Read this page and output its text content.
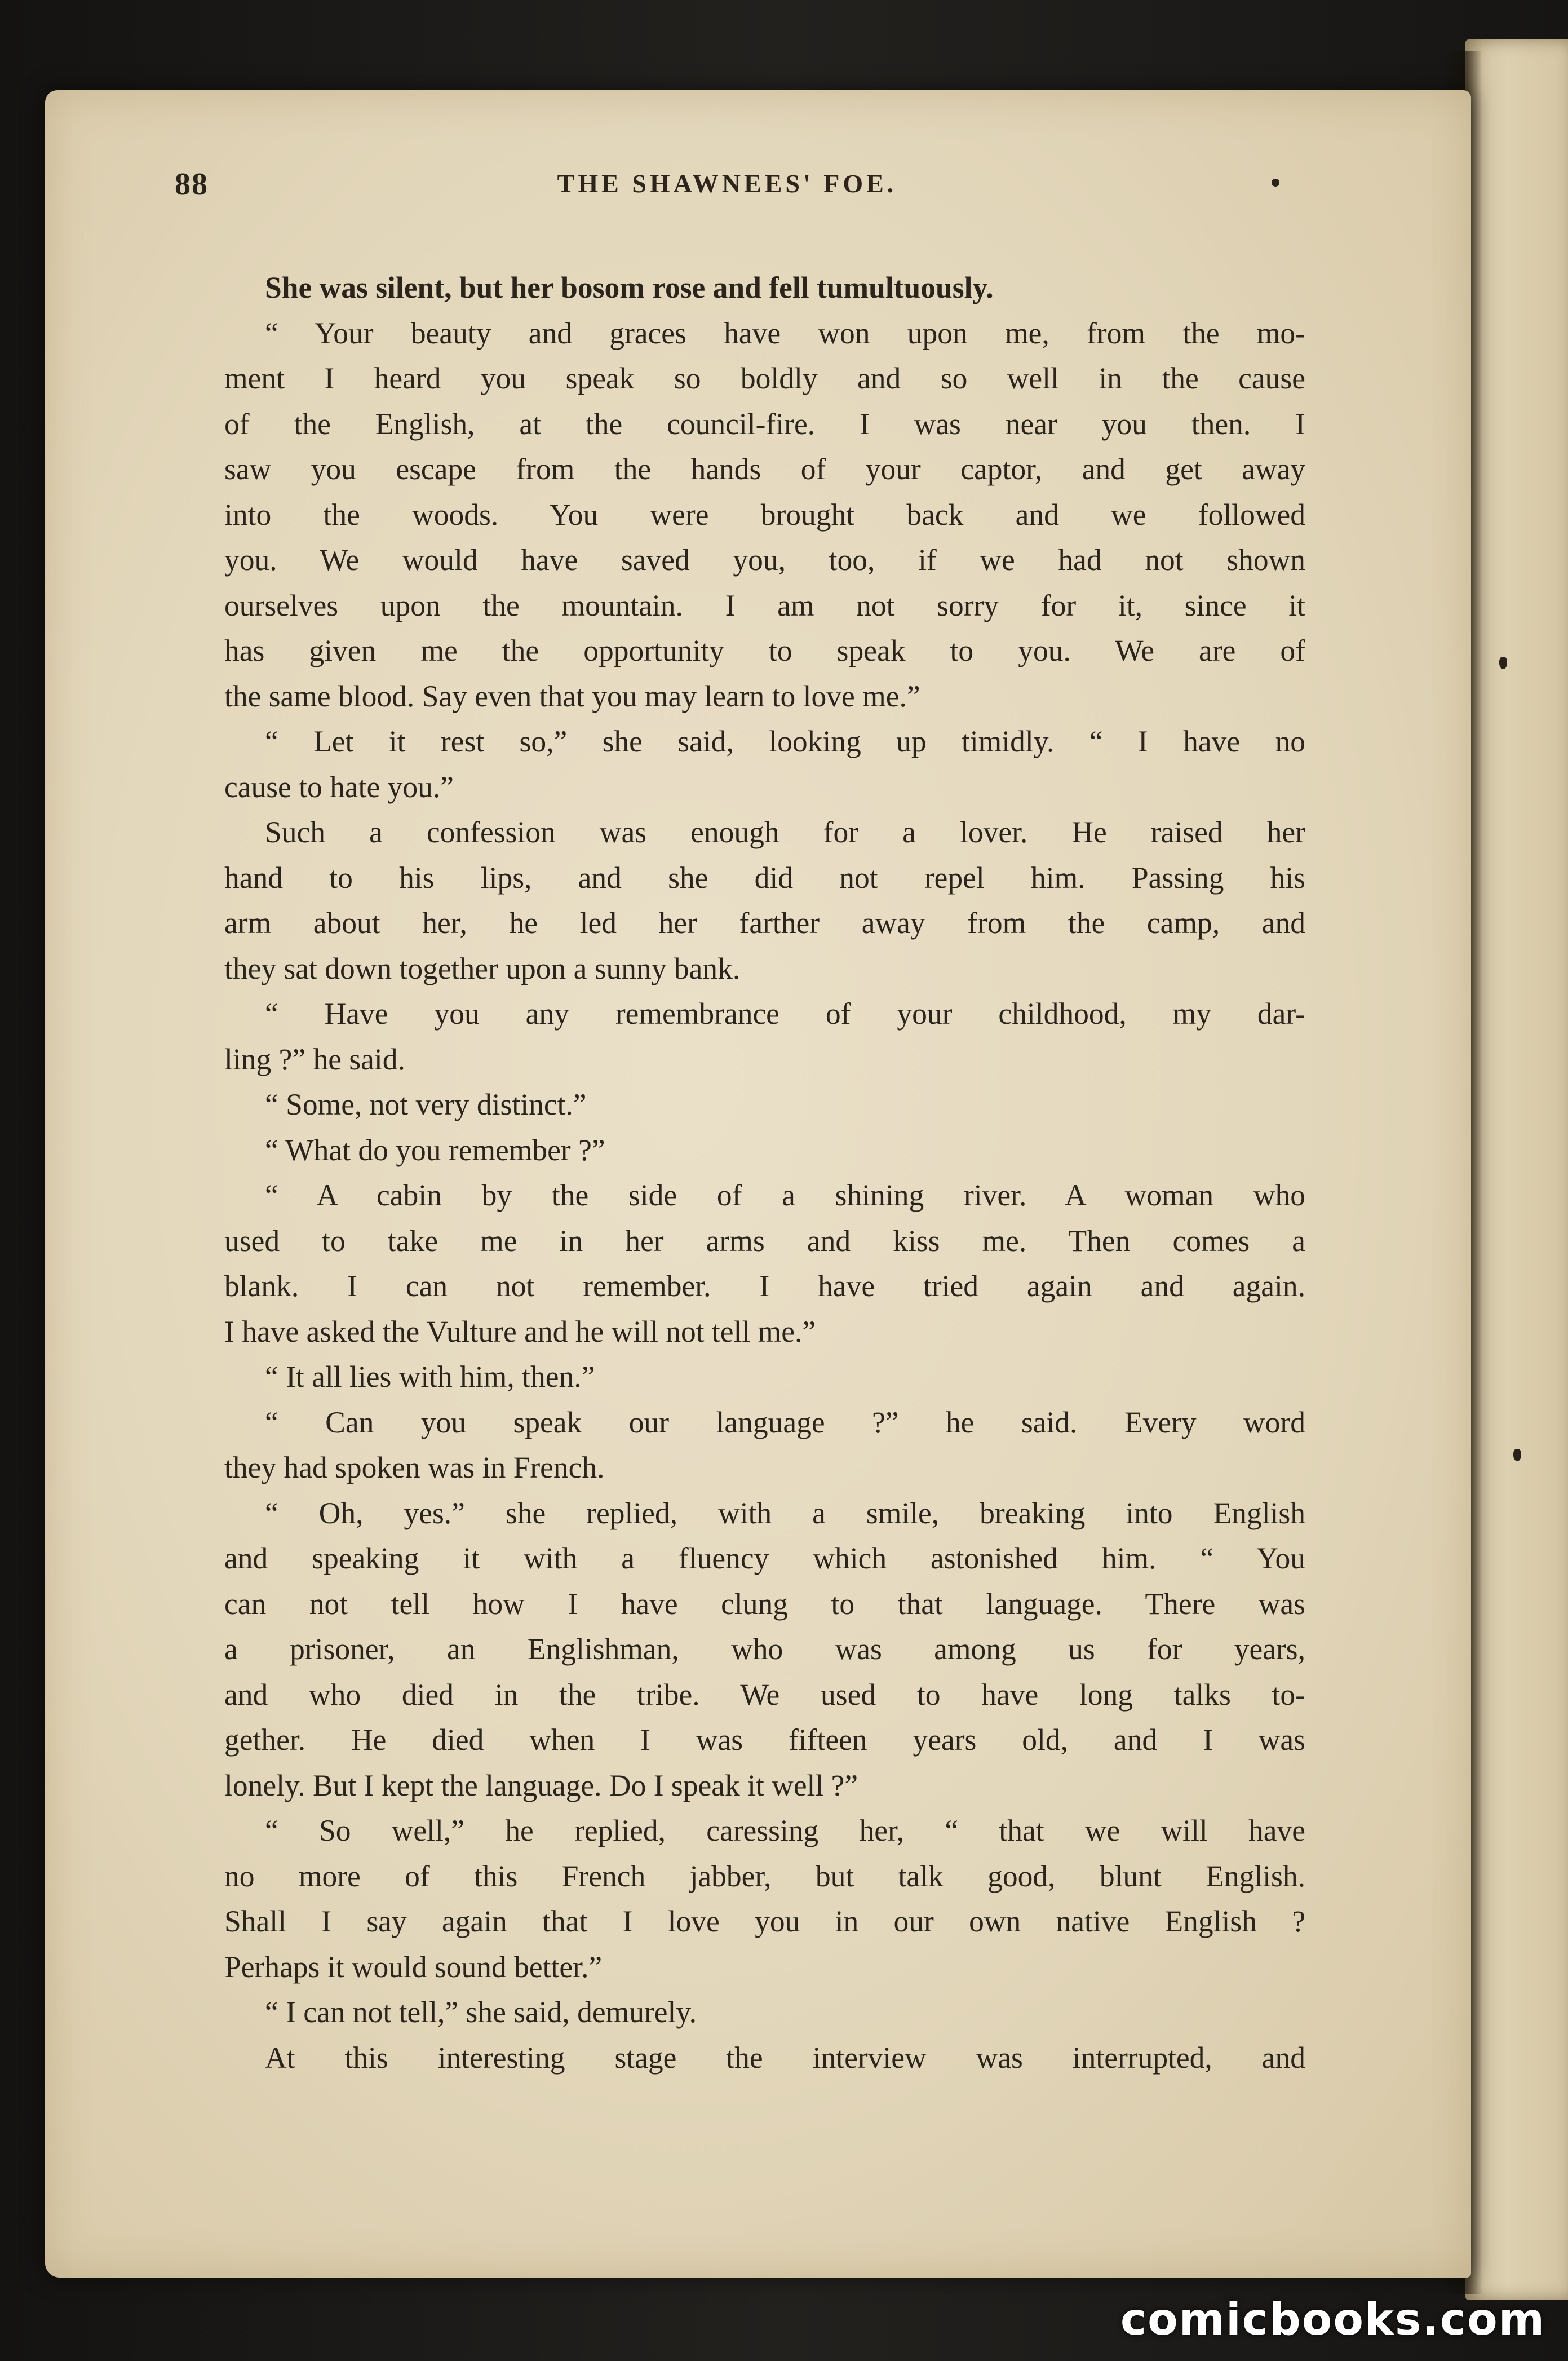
88	THE SHAWNEES' FOE.
She was silent, but her bosom rose and fell tumultuously.
“ Your beauty and graces have won upon me, from the mo-
ment I heard you speak so boldly and so well in the cause
of the English, at the council-fire. I was near you then. I
saw you escape from the hands of your captor, and get away
into the woods. You were brought back and we followed
you. We would have saved you, too, if we had not shown
ourselves upon the mountain. I am not sorry for it, since it
has given me the opportunity to speak to you. We are of
the same blood. Say even that you may learn to love me.”
“ Let it rest so,” she said, looking up timidly. “ I have no
cause to hate you.”
Such a confession was enough for a lover. He raised her
hand to his lips, and she did not repel him. Passing his
arm about her, he led her farther away from the camp, and
they sat down together upon a sunny bank.
“ Have you any remembrance of your childhood, my dar-
ling ?” he said.
“ Some, not very distinct.”
“ What do you remember ?”
“ A cabin by the side of a shining river. A woman who
used to take me in her arms and kiss me. Then comes a
blank. I can not remember. I have tried again and again.
I have asked the Vulture and he will not tell me.”
“ It all lies with him, then.”
“ Can you speak our language ?” he said. Every word
they had spoken was in French.
“ Oh, yes.” she replied, with a smile, breaking into English
and speaking it with a fluency which astonished him. “ You
can not tell how I have clung to that language. There was
a prisoner, an Englishman, who was among us for years,
and who died in the tribe. We used to have long talks to-
gether. He died when I was fifteen years old, and I was
lonely. But I kept the language. Do I speak it well ?”
“ So well,” he replied, caressing her, “ that we will have
no more of this French jabber, but talk good, blunt English.
Shall I say again that I love you in our own native English ?
Perhaps it would sound better.”
“ I can not tell,” she said, demurely.
At this interesting stage the interview was interrupted, and
comicbooks.com
